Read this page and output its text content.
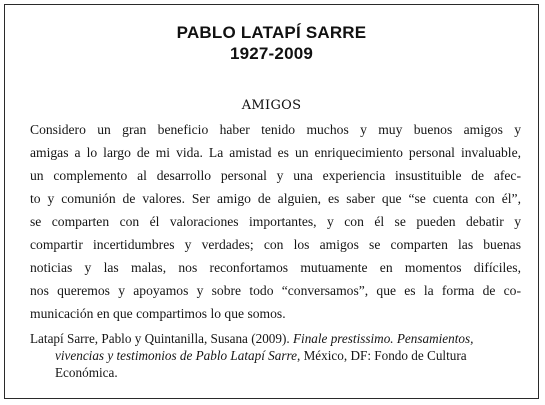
PABLO LATAPÍ SARRE
1927-2009
AMIGOS
Considero un gran beneficio haber tenido muchos y muy buenos amigos y
amigas a lo largo de mi vida. La amistad es un enriquecimiento personal invaluable,
un complemento al desarrollo personal y una experiencia insustituible de afec-
to y comunión de valores. Ser amigo de alguien, es saber que “se cuenta con él”,
se comparten con él valoraciones importantes, y con él se pueden debatir y
compartir incertidumbres y verdades; con los amigos se comparten las buenas
noticias y las malas, nos reconfortamos mutuamente en momentos difíciles,
nos queremos y apoyamos y sobre todo “conversamos”, que es la forma de co-
municación en que compartimos lo que somos.
Latapí Sarre, Pablo y Quintanilla, Susana (2009). Finale prestissimo. Pensamientos,
vivencias y testimonios de Pablo Latapí Sarre, México, DF: Fondo de Cultura
Económica.
